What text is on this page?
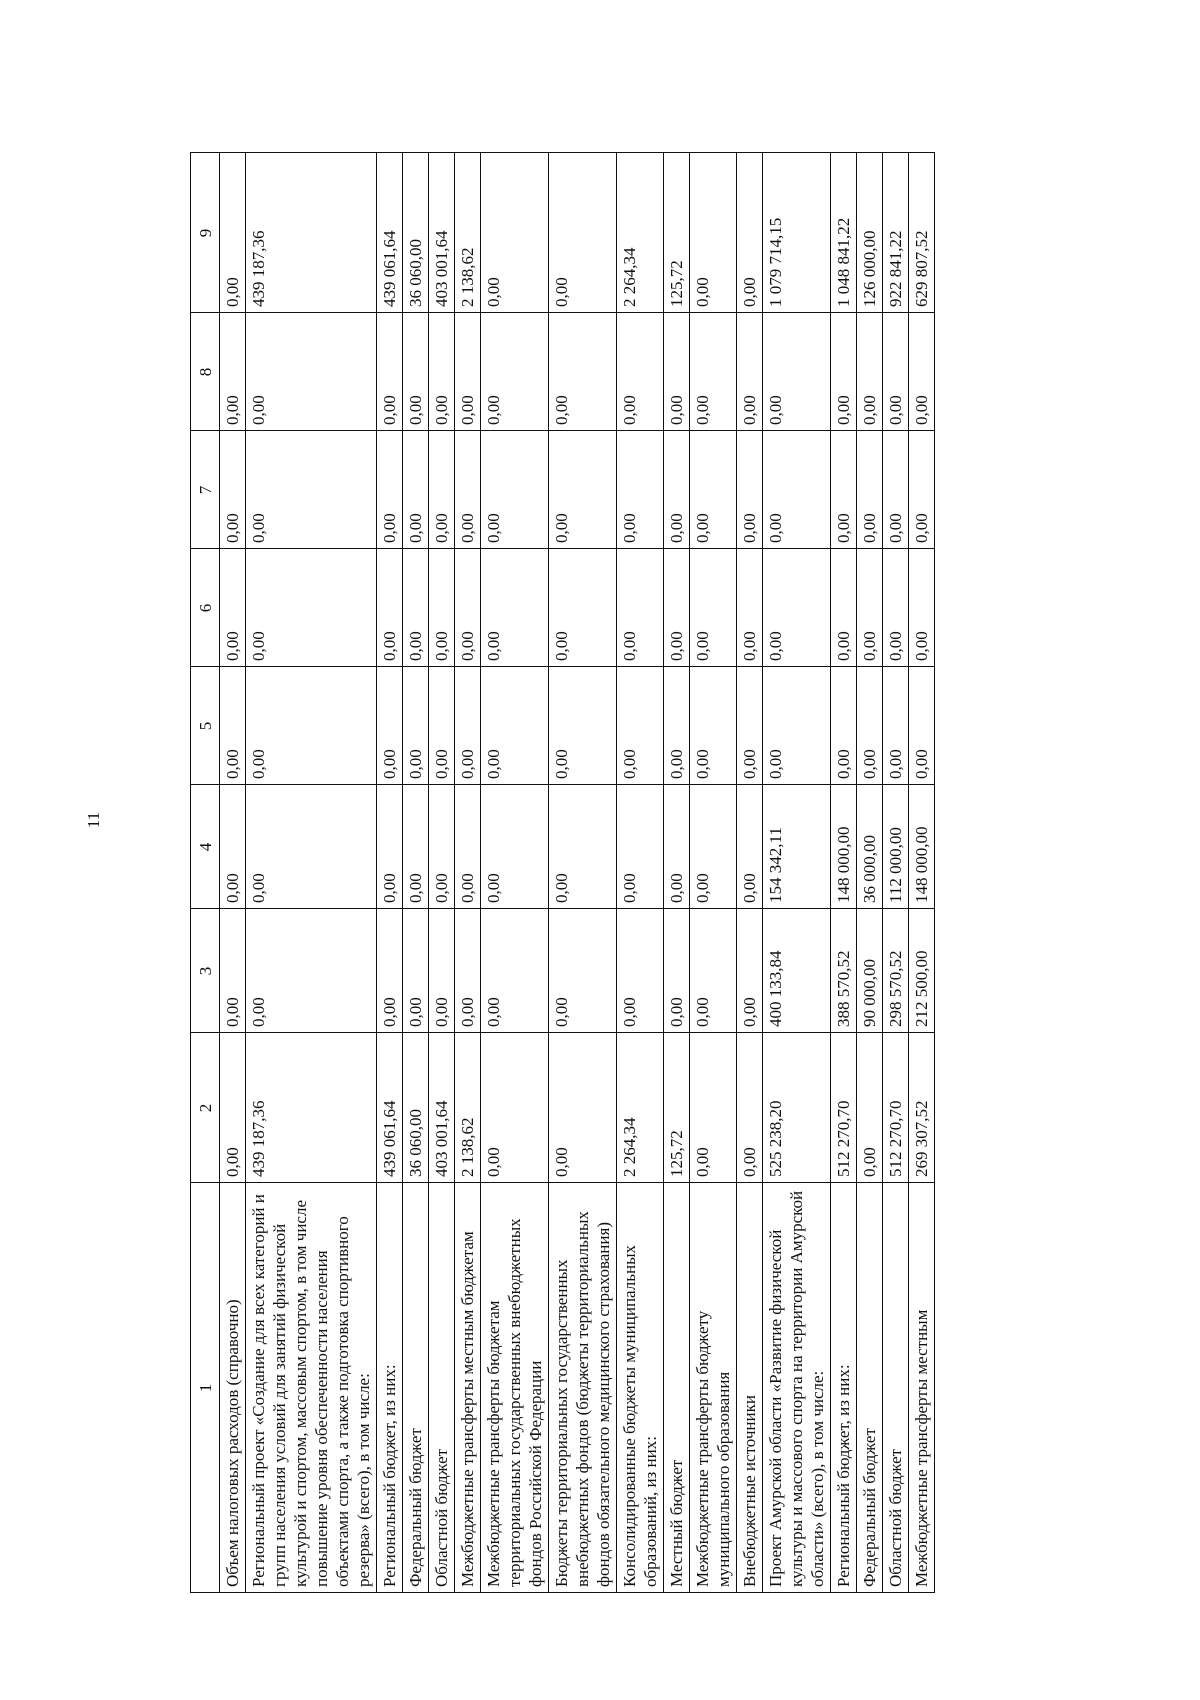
11
1	2	3	4	5	6	7	8	9
Объем налоговых расходов (справочно)	0,00	0,00	0,00	0,00	0,00	0,00	0,00	0,00
Региональный проект «Создание для всех категорий и групп населения условий для занятий физической культурой и спортом, массовым спортом, в том числе повышение уровня обеспеченности населения объектами спорта, а также подготовка спортивного резерва» (всего), в том числе:	439 187,36	0,00	0,00	0,00	0,00	0,00	0,00	439 187,36
Региональный бюджет, из них:	439 061,64	0,00	0,00	0,00	0,00	0,00	0,00	439 061,64
Федеральный бюджет	36 060,00	0,00	0,00	0,00	0,00	0,00	0,00	36 060,00
Областной бюджет	403 001,64	0,00	0,00	0,00	0,00	0,00	0,00	403 001,64
Межбюджетные трансферты местным бюджетам	2 138,62	0,00	0,00	0,00	0,00	0,00	0,00	2 138,62
Межбюджетные трансферты бюджетам территориальных государственных внебюджетных фондов Российской Федерации	0,00	0,00	0,00	0,00	0,00	0,00	0,00	0,00
Бюджеты территориальных государственных внебюджетных фондов (бюджеты территориальных фондов обязательного медицинского страхования)	0,00	0,00	0,00	0,00	0,00	0,00	0,00	0,00
Консолидированные бюджеты муниципальных образований, из них:	2 264,34	0,00	0,00	0,00	0,00	0,00	0,00	2 264,34
Местный бюджет	125,72	0,00	0,00	0,00	0,00	0,00	0,00	125,72
Межбюджетные трансферты бюджету муниципального образования	0,00	0,00	0,00	0,00	0,00	0,00	0,00	0,00
Внебюджетные источники	0,00	0,00	0,00	0,00	0,00	0,00	0,00	0,00
Проект Амурской области «Развитие физической культуры и массового спорта на территории Амурской области» (всего), в том числе:	525 238,20	400 133,84	154 342,11	0,00	0,00	0,00	0,00	1 079 714,15
Региональный бюджет, из них:	512 270,70	388 570,52	148 000,00	0,00	0,00	0,00	0,00	1 048 841,22
Федеральный бюджет	0,00	90 000,00	36 000,00	0,00	0,00	0,00	0,00	126 000,00
Областной бюджет	512 270,70	298 570,52	112 000,00	0,00	0,00	0,00	0,00	922 841,22
Межбюджетные трансферты местным	269 307,52	212 500,00	148 000,00	0,00	0,00	0,00	0,00	629 807,52
